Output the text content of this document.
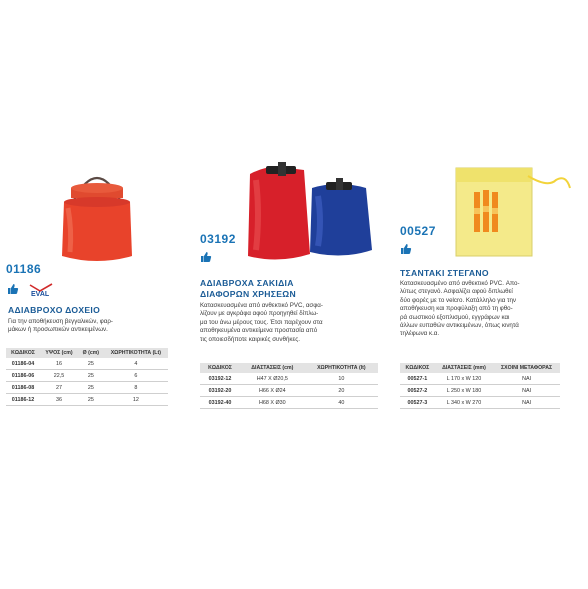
01186
EVAL
ΑΔΙΑΒΡΟΧΟ ΔΟΧΕΙΟ
Για την αποθήκευση βεγγαλικών, φαρ-
μάκων ή προσωπικών αντικειμένων.
ΚΩΔΙΚΟΣ	ΥΨΟΣ (cm)	Ø (cm)	ΧΩΡΗΤΙΚΟΤΗΤΑ (Lt)
01186-04	16	25	4
01186-06	22,5	25	6
01186-08	27	25	8
01186-12	36	25	12
03192
ΑΔΙΑΒΡΟΧΑ ΣΑΚΙΔΙΑ
ΔΙΑΦΟΡΩΝ ΧΡΗΣΕΩΝ
Κατασκευασμένα από ανθεκτικό PVC, ασφα-
λίζουν με αγκράφα αφού προηγηθεί δίπλω-
μα του άνω μέρους τους. Έτσι παρέχουν στα
αποθηκευμένα αντικείμενα προστασία από
τις οποιεσδήποτε καιρικές συνθήκες.
ΚΩΔΙΚΟΣ	ΔΙΑΣΤΑΣΕΙΣ (cm)	ΧΩΡΗΤΙΚΟΤΗΤΑ (lt)
03192-12	H47 X Ø20,5	10
03192-20	H66 X Ø24	20
03192-40	H68 X Ø30	40
00527
ΤΣΑΝΤΑΚΙ ΣΤΕΓΑΝΟ
Κατασκευασμένο από ανθεκτικό PVC. Απο-
λύτως στεγανό. Ασφαλίζει αφού διπλωθεί
δύο φορές με το velcro. Κατάλληλο για την
αποθήκευση και προφύλαξη από τη φθο-
ρά σωστικού εξοπλισμού, εγγράφων και
άλλων ευπαθών αντικειμένων, όπως κινητά
τηλέφωνα κ.α.
ΚΩΔΙΚΟΣ	ΔΙΑΣΤΑΣΕΙΣ (mm)	ΣΧΟΙΝΙ ΜΕΤΑΦΟΡΑΣ
00527-1	L 170 x W 120	ΝΑΙ
00527-2	L 250 x W 180	ΝΑΙ
00527-3	L 340 x W 270	ΝΑΙ
